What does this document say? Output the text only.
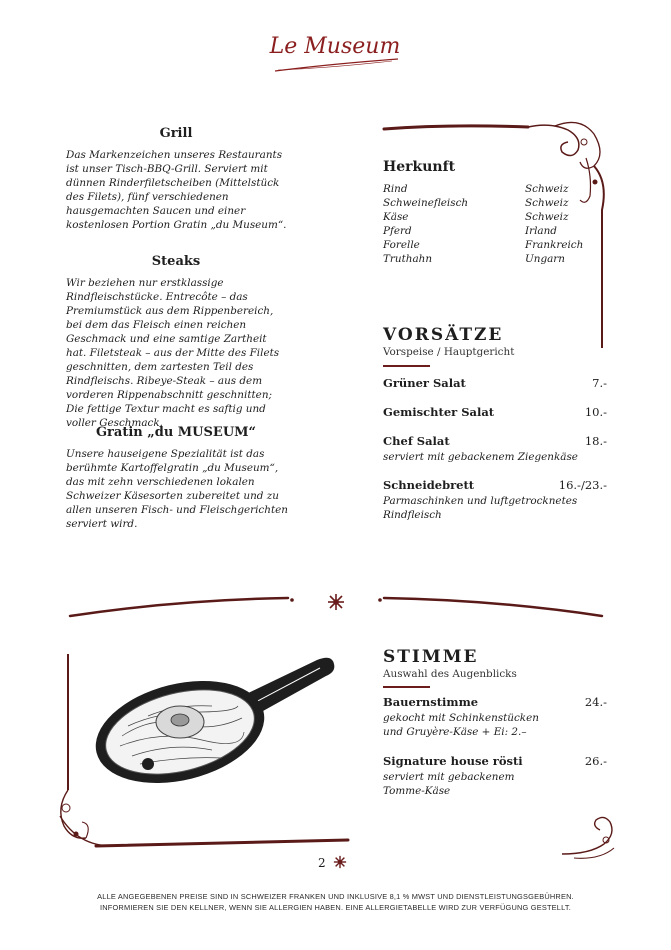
Le Museum
Grill
Das Markenzeichen unseres Restaurants ist unser Tisch-BBQ-Grill. Serviert mit dünnen Rinderfiletscheiben (Mittelstück des Filets), fünf verschiedenen hausgemachten Saucen und einer kostenlosen Portion Gratin „du Museum“.
Steaks
Wir beziehen nur erstklassige Rindfleischstücke. Entrecôte – das Premiumstück aus dem Rippenbereich, bei dem das Fleisch einen reichen Geschmack und eine samtige Zartheit hat. Filetsteak – aus der Mitte des Filets geschnitten, dem zartesten Teil des Rindfleischs. Ribeye-Steak – aus dem vorderen Rippenabschnitt geschnitten; Die fettige Textur macht es saftig und voller Geschmack.
Gratin „du MUSEUM“
Unsere hauseigene Spezialität ist das berühmte Kartoffelgratin „du Museum“, das mit zehn verschiedenen lokalen Schweizer Käsesorten zubereitet und zu allen unseren Fisch- und Fleischgerichten serviert wird.
Herkunft
Rind	Schweiz
Schweinefleisch	Schweiz
Käse	Schweiz
Pferd	Irland
Forelle	Frankreich
Truthahn	Ungarn
VORSÄTZE
Vorspeise / Hauptgericht
Grüner Salat	7.-
Gemischter Salat	10.-
Chef Salat	18.-
serviert mit gebackenem Ziegenkäse
Schneidebrett	16.-/23.-
Parmaschinken und luftgetrocknetes Rindfleisch
STIMME
Auswahl des Augenblicks
Bauernstimme	24.-
gekocht mit Schinkenstücken und Gruyère-Käse + Ei: 2.–
Signature house rösti	26.-
serviert mit gebackenem Tomme-Käse
2
ALLE ANGEGEBENEN PREISE SIND IN SCHWEIZER FRANKEN UND INKLUSIVE 8,1 % MWST UND DIENSTLEISTUNGSGEBÜHREN.
INFORMIEREN SIE DEN KELLNER, WENN SIE ALLERGIEN HABEN. EINE ALLERGIETABELLE WIRD ZUR VERFÜGUNG GESTELLT.
